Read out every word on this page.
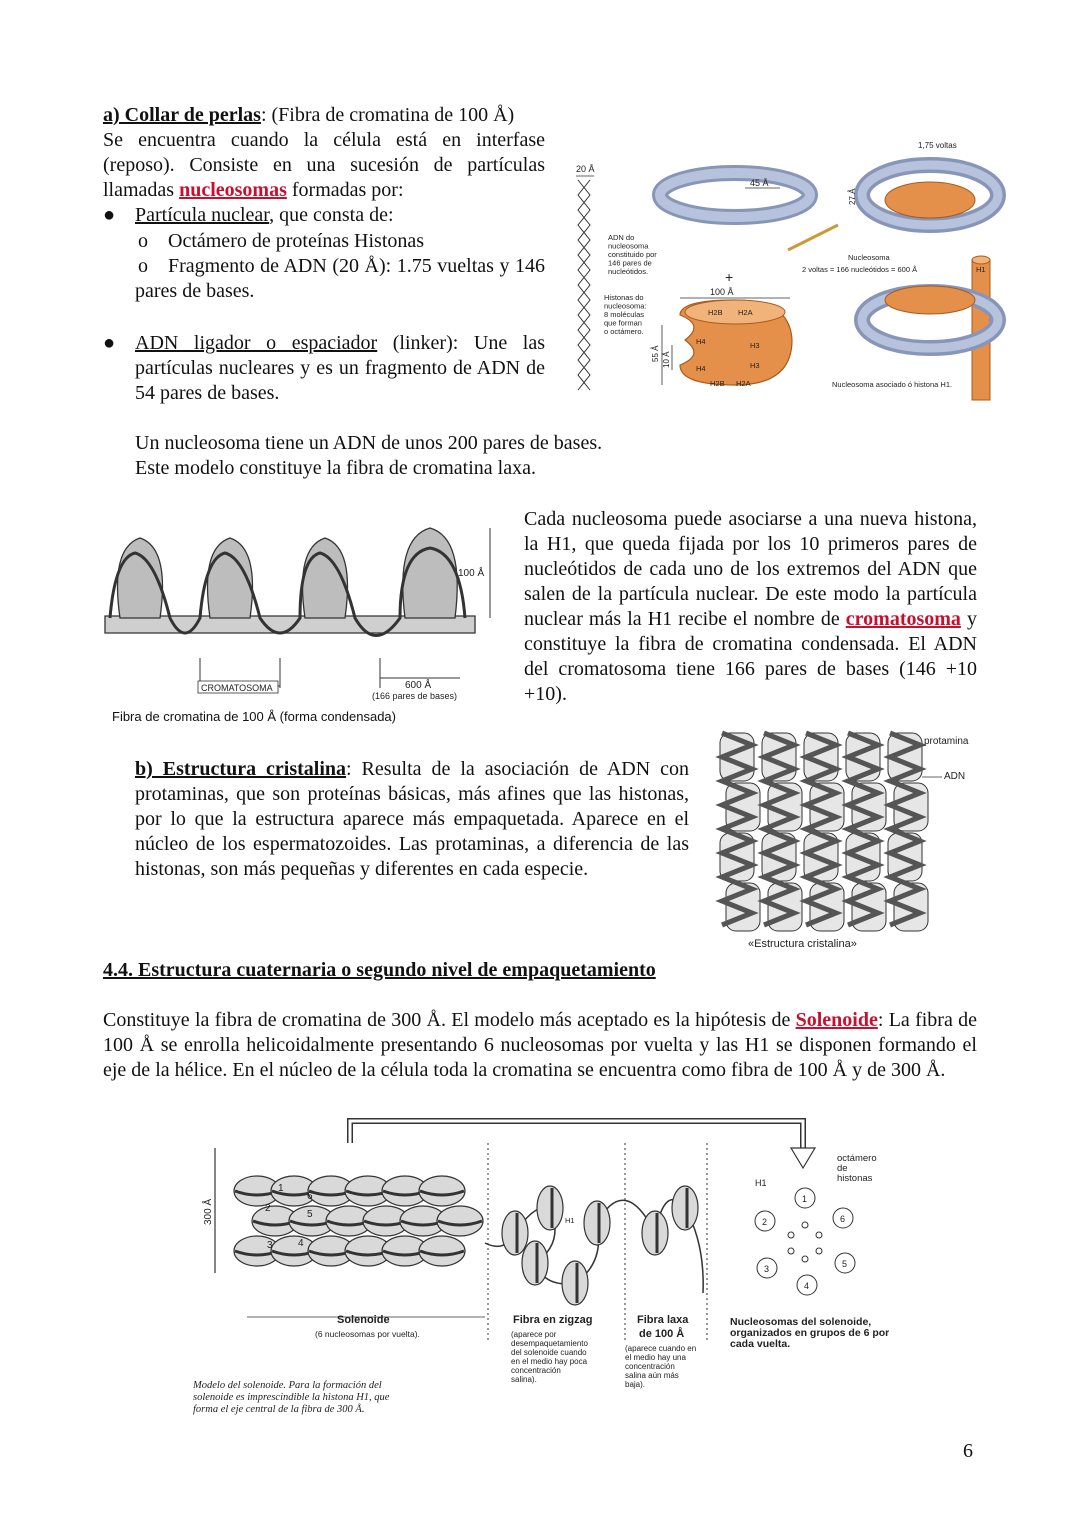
a) Collar de perlas: (Fibra de cromatina de 100 Å)
Se encuentra cuando la célula está en interfase (reposo). Consiste en una sucesión de partículas llamadas nucleosomas formadas por:
● Partícula nuclear, que consta de:
o Octámero de proteínas Histonas
o Fragmento de ADN (20 Å): 1.75 vueltas y 146 pares de bases.
● ADN ligador o espaciador (linker): Une las partículas nucleares y es un fragmento de ADN de 54 pares de bases.
Un nucleosoma tiene un ADN de unos 200 pares de bases.
Este modelo constituye la fibra de cromatina laxa.
20 Å
ADN do nucleosoma constituido por 146 pares de nucleótidos.
Histonas do nucleosoma: 8 moléculas que forman o octámero.
45 Å
+
100 Å
H2B H2A
H3
H3
H4
H4
H2B H2A
55 Å 10 Å
1,75 voltas
27 Å
Nucleosoma
2 voltas = 166 nucleótidos = 600 Å	H1
Nucleosoma asociado ó histona H1.
100 Å
CROMATOSOMA	600 Å
(166 pares de bases)
Fibra de cromatina de 100 Å (forma condensada)
Cada nucleosoma puede asociarse a una nueva histona, la H1, que queda fijada por los 10 primeros pares de nucleótidos de cada uno de los extremos del ADN que salen de la partícula nuclear. De este modo la partícula nuclear más la H1 recibe el nombre de cromatosoma y constituye la fibra de cromatina condensada. El ADN del cromatosoma tiene 166 pares de bases (146 +10 +10).
b) Estructura cristalina: Resulta de la asociación de ADN con protaminas, que son proteínas básicas, más afines que las histonas, por lo que la estructura aparece más empaquetada. Aparece en el núcleo de los espermatozoides. Las protaminas, a diferencia de las histonas, son más pequeñas y diferentes en cada especie.
protamina
ADN
«Estructura cristalina»
4.4. Estructura cuaternaria o segundo nivel de empaquetamiento
Constituye la fibra de cromatina de 300 Å. El modelo más aceptado es la hipótesis de Solenoide: La fibra de 100 Å se enrolla helicoidalmente presentando 6 nucleosomas por vuelta y las H1 se disponen formando el eje de la hélice. En el núcleo de la célula toda la cromatina se encuentra como fibra de 100 Å y de 300 Å.
300 Å
1
2
3	4
5
6
H1
1
2
3
4
5
6
H1
octámero de histonas
Solenoide
(6 nucleosomas por vuelta).
Fibra en zigzag
(aparece por desempaquetamiento del solenoide cuando en el medio hay poca concentración salina).
Fibra laxa
de 100 Å
(aparece cuando en el medio hay una concentración salina aún más baja).
Nucleosomas del solenoide, organizados en grupos de 6 por cada vuelta.
Modelo del solenoide. Para la formación del solenoide es imprescindible la histona H1, que forma el eje central de la fibra de 300 Å.
6
